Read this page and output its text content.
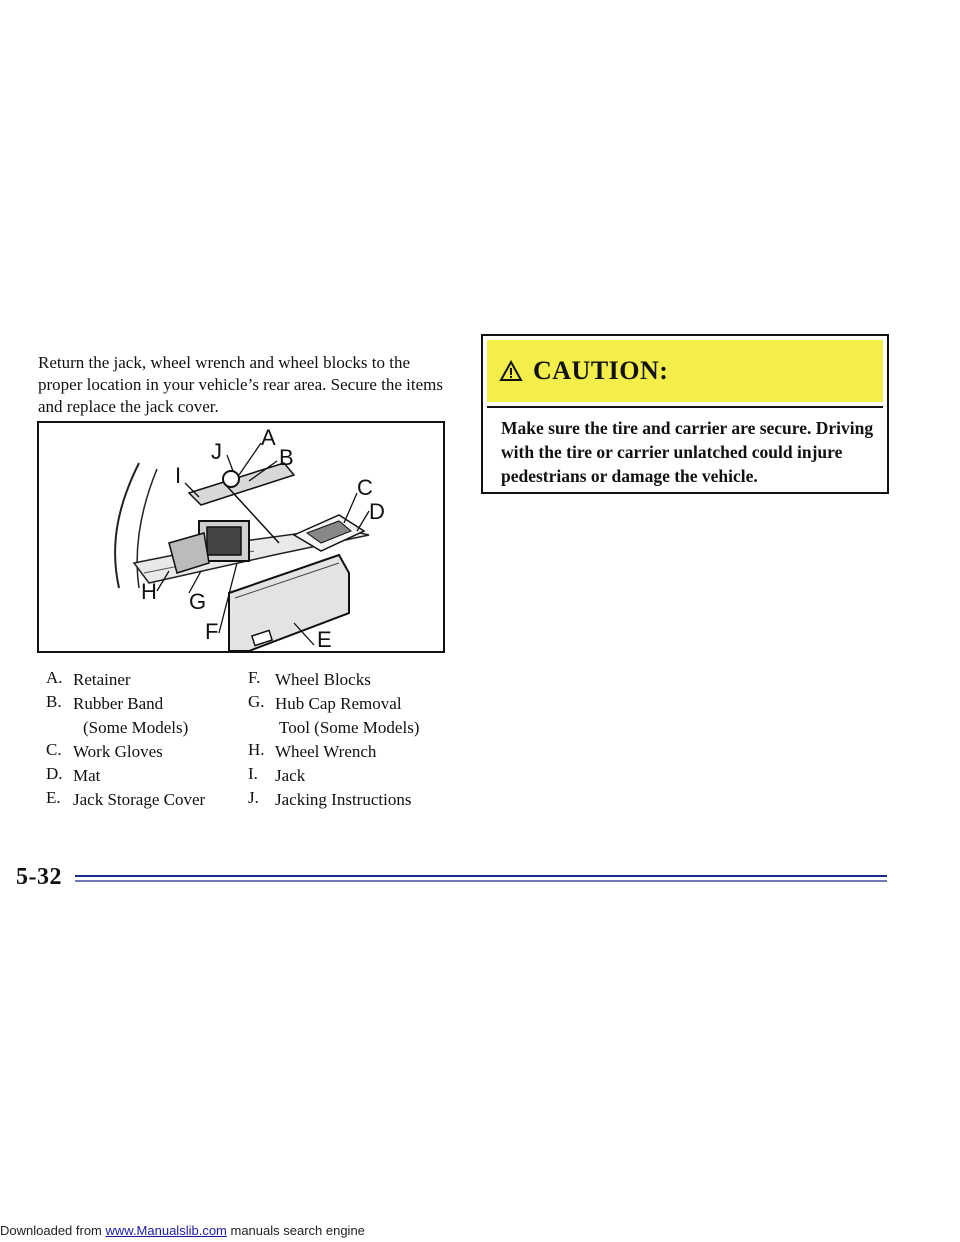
Return the jack, wheel wrench and wheel blocks to the proper location in your vehicle’s rear area. Secure the items and replace the jack cover.

A
B
C
D
E
F
G
H
I
J
A. Retainer
B. Rubber Band
(Some Models)
C. Work Gloves
D. Mat
E. Jack Storage Cover
F. Wheel Blocks
G. Hub Cap Removal
Tool (Some Models)
H. Wheel Wrench
I. Jack
J. Jacking Instructions
CAUTION:
Make sure the tire and carrier are secure. Driving with the tire or carrier unlatched could injure pedestrians or damage the vehicle.
5-32
Downloaded from www.Manualslib.com manuals search engine
